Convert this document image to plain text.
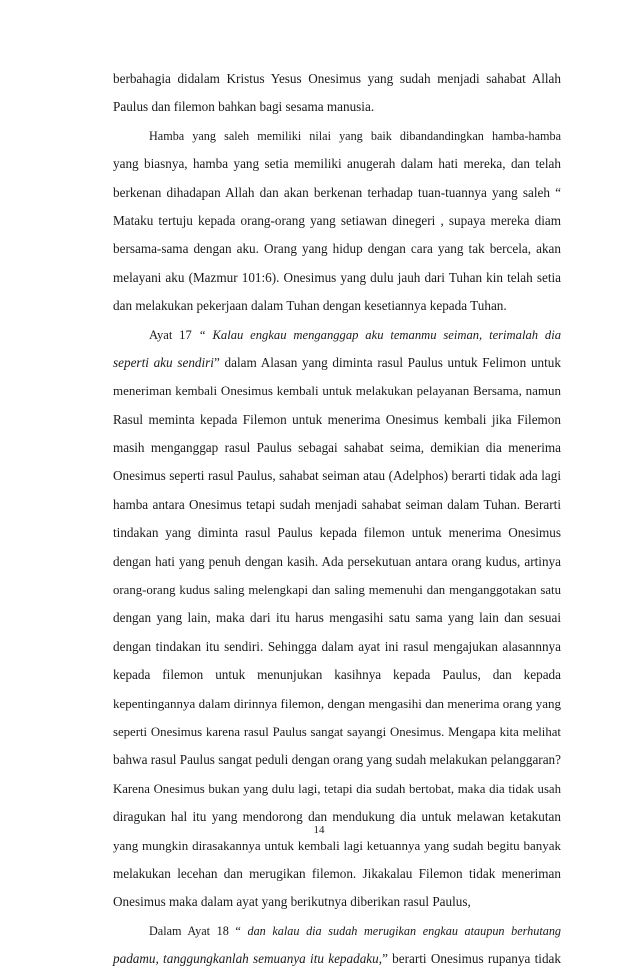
berbahagia didalam Kristus Yesus Onesimus yang sudah menjadi sahabat Allah
Paulus dan filemon bahkan bagi sesama manusia.
Hamba yang saleh memiliki nilai yang baik dibandandingkan hamba-hamba
yang biasnya, hamba yang setia memiliki anugerah dalam hati mereka, dan telah
berkenan dihadapan Allah dan akan berkenan terhadap tuan-tuannya yang saleh “
Mataku tertuju kepada orang-orang yang setiawan dinegeri , supaya mereka diam
bersama-sama dengan aku. Orang yang hidup dengan cara yang tak bercela, akan
melayani aku (Mazmur 101:6). Onesimus yang dulu jauh dari Tuhan kin telah setia
dan melakukan pekerjaan dalam Tuhan dengan kesetiannya kepada Tuhan.
Ayat 17 “ Kalau engkau menganggap aku temanmu seiman, terimalah dia
seperti aku sendiri” dalam Alasan yang diminta rasul Paulus untuk Felimon untuk
meneriman kembali Onesimus kembali untuk melakukan pelayanan Bersama, namun
Rasul meminta kepada Filemon untuk menerima Onesimus kembali jika Filemon
masih menganggap rasul Paulus sebagai sahabat seima, demikian dia menerima
Onesimus seperti rasul Paulus, sahabat seiman atau (Adelphos) berarti tidak ada lagi
hamba antara Onesimus tetapi sudah menjadi sahabat seiman dalam Tuhan. Berarti
tindakan yang diminta rasul Paulus kepada filemon untuk menerima Onesimus
dengan hati yang penuh dengan kasih. Ada persekutuan antara orang kudus, artinya
orang-orang kudus saling melengkapi dan saling memenuhi dan menganggotakan satu
dengan yang lain, maka dari itu harus mengasihi satu sama yang lain dan sesuai
dengan tindakan itu sendiri. Sehingga dalam ayat ini rasul mengajukan alasannnya
kepada filemon untuk menunjukan kasihnya kepada Paulus, dan kepada
kepentingannya dalam dirinnya filemon, dengan mengasihi dan menerima orang yang
seperti Onesimus karena rasul Paulus sangat sayangi Onesimus. Mengapa kita melihat
bahwa rasul Paulus sangat peduli dengan orang yang sudah melakukan pelanggaran?
Karena Onesimus bukan yang dulu lagi, tetapi dia sudah bertobat, maka dia tidak usah
diragukan hal itu yang mendorong dan mendukung dia untuk melawan ketakutan
yang mungkin dirasakannya untuk kembali lagi ketuannya yang sudah begitu banyak
melakukan lecehan dan merugikan filemon. Jikakalau Filemon tidak meneriman
Onesimus maka dalam ayat yang berikutnya diberikan rasul Paulus,
Dalam Ayat 18 “ dan kalau dia sudah merugikan engkau ataupun berhutang
padamu, tanggungkanlah semuanya itu kepadaku,” berarti Onesimus rupanya tidak
14
